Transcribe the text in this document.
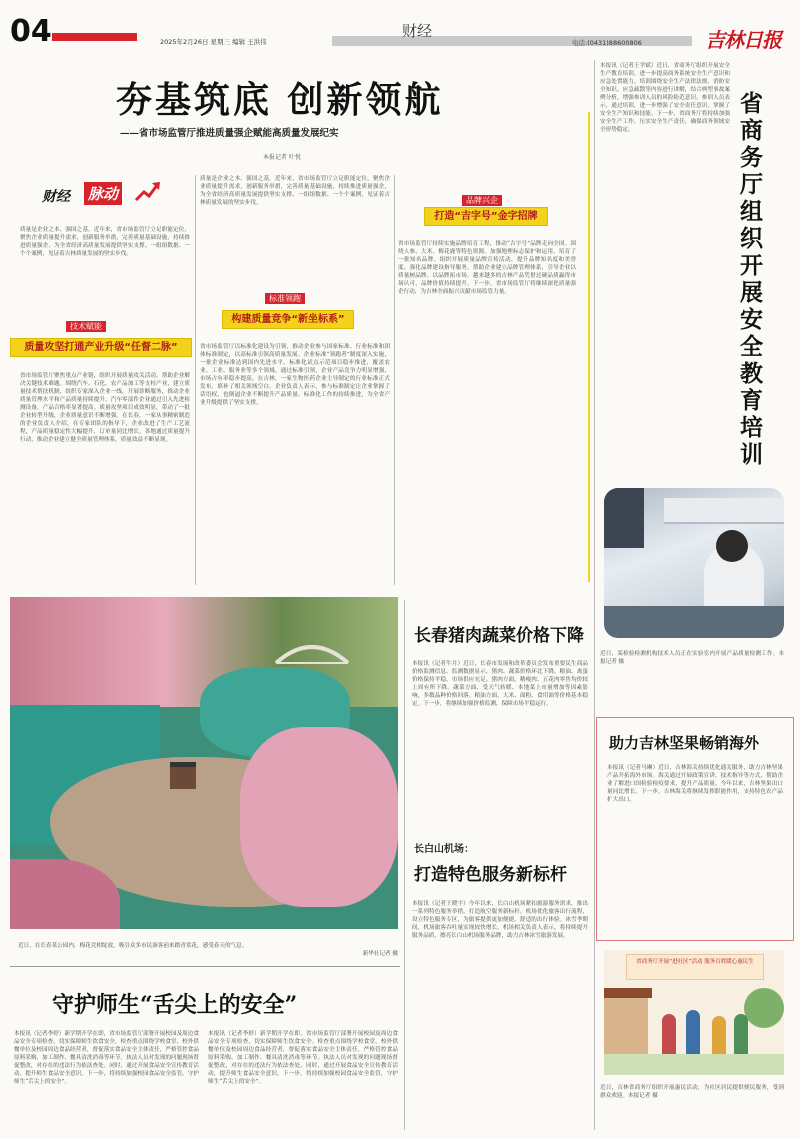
04	2025年2月26日 星期三 编辑 王洪伟
财经
电话:(0431)88600806	吉林日报
夯基筑底 创新领航
——省市场监管厅推进质量强企赋能高质量发展纪实
本报记者 叶悦
财经 脉动
质量是企业之本、强国之基。近年来，省市场监管厅立足职能定位，聚焦企业质量提升需求，创新服务举措，完善质量基础设施，持续推进质量强企，为全省经济高质量发展提供坚实支撑。一组组数据、一个个案例，见证着吉林质量发展的坚实步伐。
技术赋能
质量攻坚打通产业升级“任督二脉”
省市场监管厅聚焦重点产业链，组织开展质量攻关活动，帮助企业解决关键技术难题。围绕汽车、石化、农产品加工等支柱产业，建立质量技术帮扶机制，组织专家深入企业一线，开展诊断服务，推动企业质量管理水平和产品质量持续提升。汽车零部件企业通过引入先进检测设备，产品合格率显著提高。质量攻坚项目成效明显，带动了一批企业转型升级，企业质量意识不断增强。在长春，一家从事精密制造的企业负责人介绍，在专家团队的指导下，企业改进了生产工艺流程，产品质量稳定性大幅提升，订单量同比增长。各地通过质量提升行动，推动企业建立健全质量管理体系，质量效益不断显现。
质量是企业之本、强国之基。近年来，省市场监管厅立足职能定位，聚焦企业质量提升需求，创新服务举措，完善质量基础设施，持续推进质量强企，为全省经济高质量发展提供坚实支撑。一组组数据、一个个案例，见证着吉林质量发展的坚实步伐。
标准领跑
构建质量竞争“新坐标系”
省市场监管厅以标准化建设为引领，推动企业参与国家标准、行业标准和团体标准制定，以高标准引领高质量发展。企业标准“领跑者”制度深入实施，一批企业标准达到国内先进水平。标准化试点示范项目稳步推进，覆盖农业、工业、服务业等多个领域。通过标准引领，企业产品竞争力明显增强，市场占有率稳步提高。在吉林，一家生物医药企业主导制定的行业标准正式发布，填补了相关领域空白。企业负责人表示，参与标准制定让企业掌握了话语权，也倒逼企业不断提升产品质量。标准化工作的持续推进，为全省产业升级提供了坚实支撑。
品牌兴企
打造“吉字号”金字招牌
省市场监管厅持续实施品牌培育工程，推动“吉字号”品牌走向全国。围绕人参、大米、梅花鹿等特色资源，加强地理标志保护和运用，培育了一批知名品牌。组织开展质量品牌宣传活动，提升品牌知名度和美誉度。强化品牌建设指导服务，帮助企业建立品牌管理体系，引导企业以质量树品牌、以品牌拓市场。越来越多的吉林产品凭借过硬品质赢得市场认可，品牌价值持续提升。下一步，省市场监管厅将继续深化质量强企行动，为吉林全面振兴贡献市场监管力量。
本报讯（记者王学斌）近日，省商务厅组织开展安全生产教育培训，进一步提高商务系统安全生产意识和应急处置能力。培训围绕安全生产法律法规、消防安全知识、应急疏散等内容进行讲解，结合典型事故案例分析，增强参训人员的风险防范意识。参训人员表示，通过培训，进一步增强了安全责任意识，掌握了安全生产知识和技能。下一步，省商务厅将持续加强安全生产工作，压实安全生产责任，确保商务领域安全形势稳定。
省商务厅组织开展安全教育培训
近日，某检验检测机构技术人员正在实验室内开展产品质量检测工作。本报记者 摄
助力吉林坚果畅销海外
本报讯（记者马琳）近日，吉林海关持续优化通关服务，助力吉林坚果产品开拓海外市场。海关通过开展政策宣讲、技术指导等方式，帮助企业了解进口国检验检疫要求，提升产品质量。今年以来，吉林坚果出口量同比增长。下一步，吉林海关将继续发挥职能作用，支持特色农产品扩大出口。
省商务厅开展“进社区”活动 服务百姓暖心惠民生
近日，吉林省商务厅组织开展惠民活动，为社区居民提供便民服务，受到群众欢迎。本报记者 摄
近日，在长春某公园内，梅花竞相绽放，吸引众多市民游客前来踏青赏花，感受春天的气息。
新华社记者 摄
长春猪肉蔬菜价格下降
本报讯（记者牛月）近日，长春市发展和改革委员会发布重要民生商品价格监测信息。监测数据显示，猪肉、蔬菜价格环比下降，粮油、禽蛋价格保持平稳，市场供应充足。猪肉方面，精瘦肉、五花肉零售均价较上周有所下降。蔬菜方面，受天气转暖、本地菜上市量增加等因素影响，多数品种价格回落。粮油方面，大米、面粉、食用油等价格基本稳定。下一步，将继续加强价格监测，保障市场平稳运行。
长白山机场：
打造特色服务新标杆
本报讯（记者王晓宇）今年以来，长白山机场紧扣旅游服务需求，推出一系列特色服务举措，打造航空服务新标杆。机场优化旅客出行流程，设立特色服务专区，为旅客提供更加便捷、舒适的出行体验。冰雪季期间，机场旅客吞吐量实现较快增长。机场相关负责人表示，将持续提升服务品质，擦亮长白山机场服务品牌，助力吉林冰雪旅游发展。
守护师生“舌尖上的安全”
本报讯（记者李婷）新学期开学在即，省市场监管厅部署开展校园及周边食品安全专项检查，切实保障师生饮食安全。检查重点围绕学校食堂、校外供餐单位及校园周边食品经营者，督促落实食品安全主体责任，严格管控食品原料采购、加工制作、餐具清洗消毒等环节。执法人员对发现的问题现场督促整改，对存在的违法行为依法查处。同时，通过开展食品安全宣传教育活动，提升师生食品安全意识。下一步，将持续加强校园食品安全监管，守护师生“舌尖上的安全”。
本报讯（记者李婷）新学期开学在即，省市场监管厅部署开展校园及周边食品安全专项检查，切实保障师生饮食安全。检查重点围绕学校食堂、校外供餐单位及校园周边食品经营者，督促落实食品安全主体责任，严格管控食品原料采购、加工制作、餐具清洗消毒等环节。执法人员对发现的问题现场督促整改，对存在的违法行为依法查处。同时，通过开展食品安全宣传教育活动，提升师生食品安全意识。下一步，将持续加强校园食品安全监管，守护师生“舌尖上的安全”。
